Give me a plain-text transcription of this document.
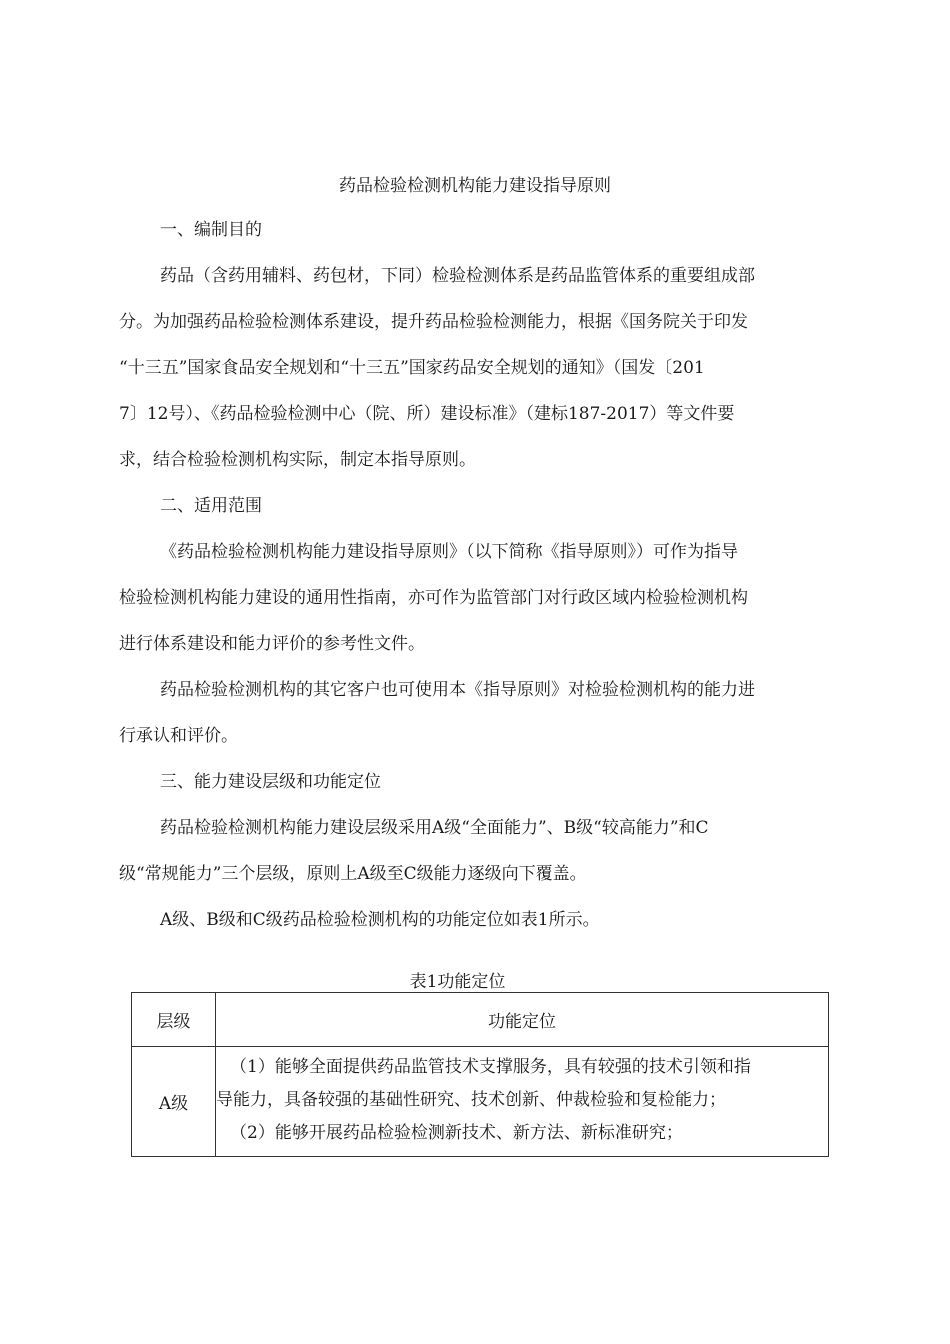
药品检验检测机构能力建设指导原则
一、编制目的
药品（含药用辅料、药包材，下同）检验检测体系是药品监管体系的重要组成部
分。为加强药品检验检测体系建设，提升药品检验检测能力，根据《国务院关于印发
“十三五”国家食品安全规划和“十三五”国家药品安全规划的通知》（国发〔201
7〕12号）、《药品检验检测中心（院、所）建设标准》（建标187-2017）等文件要
求，结合检验检测机构实际，制定本指导原则。
二、适用范围
《药品检验检测机构能力建设指导原则》（以下简称《指导原则》）可作为指导
检验检测机构能力建设的通用性指南，亦可作为监管部门对行政区域内检验检测机构
进行体系建设和能力评价的参考性文件。
药品检验检测机构的其它客户也可使用本《指导原则》对检验检测机构的能力进
行承认和评价。
三、能力建设层级和功能定位
药品检验检测机构能力建设层级采用A级“全面能力”、B级“较高能力”和C
级“常规能力”三个层级，原则上A级至C级能力逐级向下覆盖。
A级、B级和C级药品检验检测机构的功能定位如表1所示。
表1功能定位
层级	功能定位
A级	（1）能够全面提供药品监管技术支撑服务，具有较强的技术引领和指
导能力，具备较强的基础性研究、技术创新、仲裁检验和复检能力；
（2）能够开展药品检验检测新技术、新方法、新标准研究；
